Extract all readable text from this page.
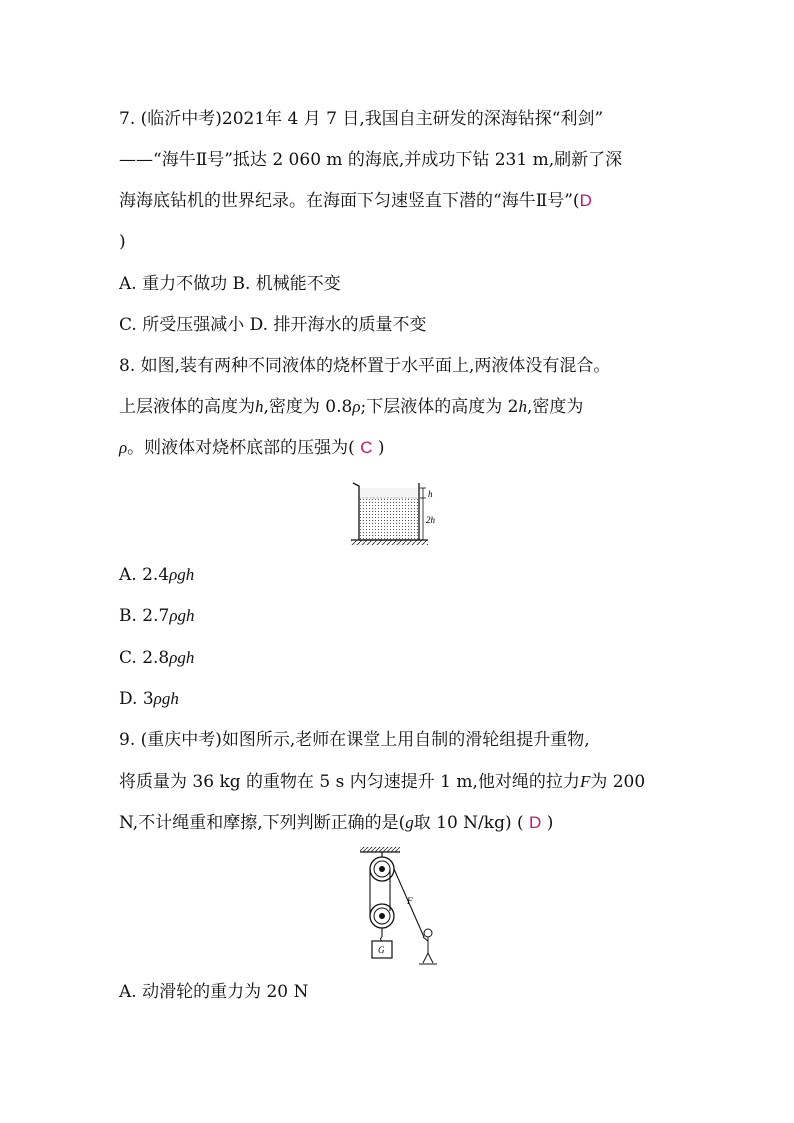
7. (临沂中考)2021年 4 月 7 日,我国自主研发的深海钻探“利剑”
——“海牛Ⅱ号”抵达 2 060 m 的海底,并成功下钻 231 m,刷新了深
海海底钻机的世界纪录。在海面下匀速竖直下潜的“海牛Ⅱ号”(D
)
A. 重力不做功 B. 机械能不变
C. 所受压强减小 D. 排开海水的质量不变
8. 如图,装有两种不同液体的烧杯置于水平面上,两液体没有混合。
上层液体的高度为h,密度为 0.8ρ;下层液体的高度为 2h,密度为
ρ。则液体对烧杯底部的压强为( C )
h
2h
A. 2.4ρgh
B. 2.7ρgh
C. 2.8ρgh
D. 3ρgh
9. (重庆中考)如图所示,老师在课堂上用自制的滑轮组提升重物,
将质量为 36 kg 的重物在 5 s 内匀速提升 1 m,他对绳的拉力F为 200
N,不计绳重和摩擦,下列判断正确的是(g取 10 N/kg) ( D )
F
G
A. 动滑轮的重力为 20 N
